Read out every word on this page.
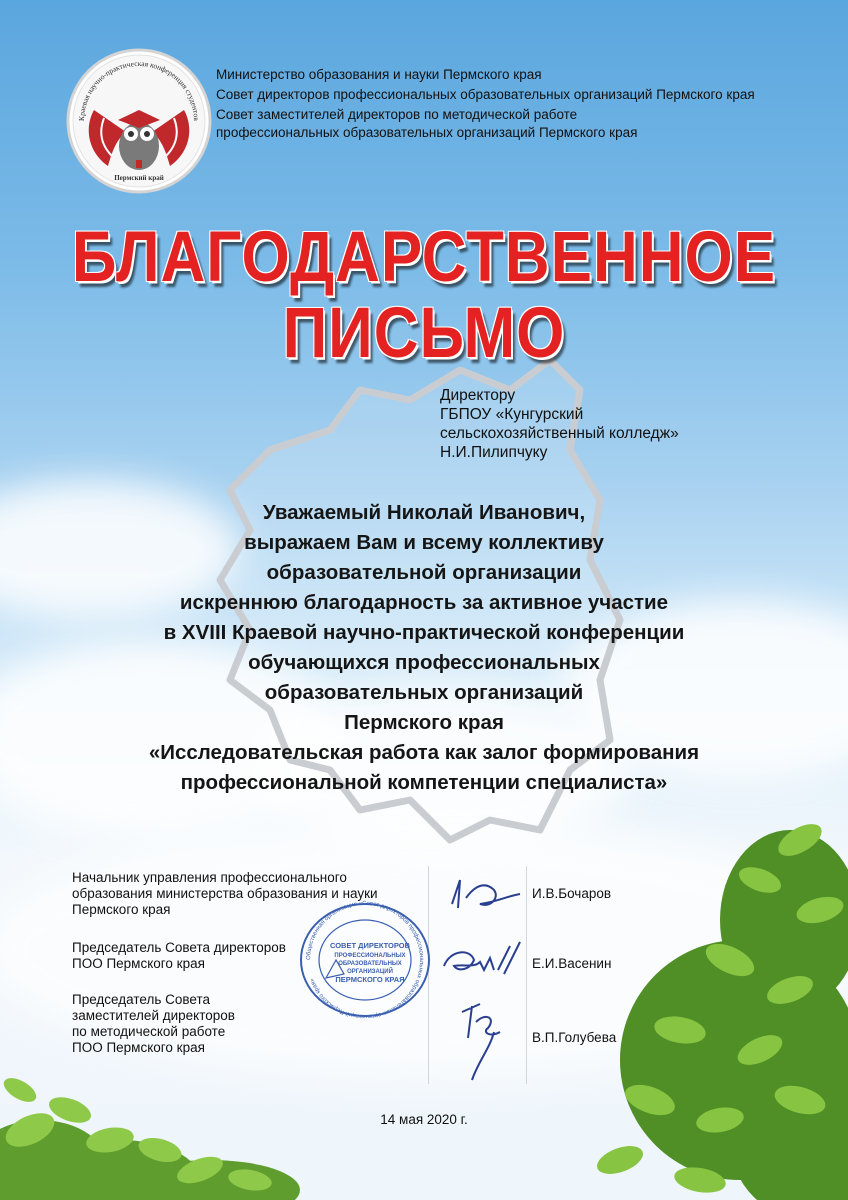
Краевая научно-практическая конференция студентов
Пермский край
Министерство образования и науки Пермского края
Совет директоров профессиональных образовательных организаций Пермского края
Совет заместителей директоров по методической работе
профессиональных образовательных организаций Пермского края
БЛАГОДАРСТВЕННОЕ
ПИСЬМО
Директору
ГБПОУ «Кунгурский
сельскохозяйственный колледж»
Н.И.Пилипчуку
Уважаемый Николай Иванович,
выражаем Вам и всему коллективу
образовательной организации
искреннюю благодарность за активное участие
в XVIII Краевой научно-практической конференции
обучающихся профессиональных
образовательных организаций
Пермского края
«Исследовательская работа как залог формирования
профессиональной компетенции специалиста»
Начальник управления профессионального
образования министерства образования и науки
Пермского края
И.В.Бочаров
Председатель Совета директоров
ПОО Пермского края	Е.И.Васенин
Председатель Совета
заместителей директоров
по методической работе
ПОО Пермского края
В.П.Голубева
Общественная организация «Совет директоров профессиональных образовательных организаций Пермского края»
СОВЕТ ДИРЕКТОРОВ
ПРОФЕССИОНАЛЬНЫХ
ОБРАЗОВАТЕЛЬНЫХ
ОРГАНИЗАЦИЙ
ПЕРМСКОГО КРАЯ
14 мая 2020 г.
